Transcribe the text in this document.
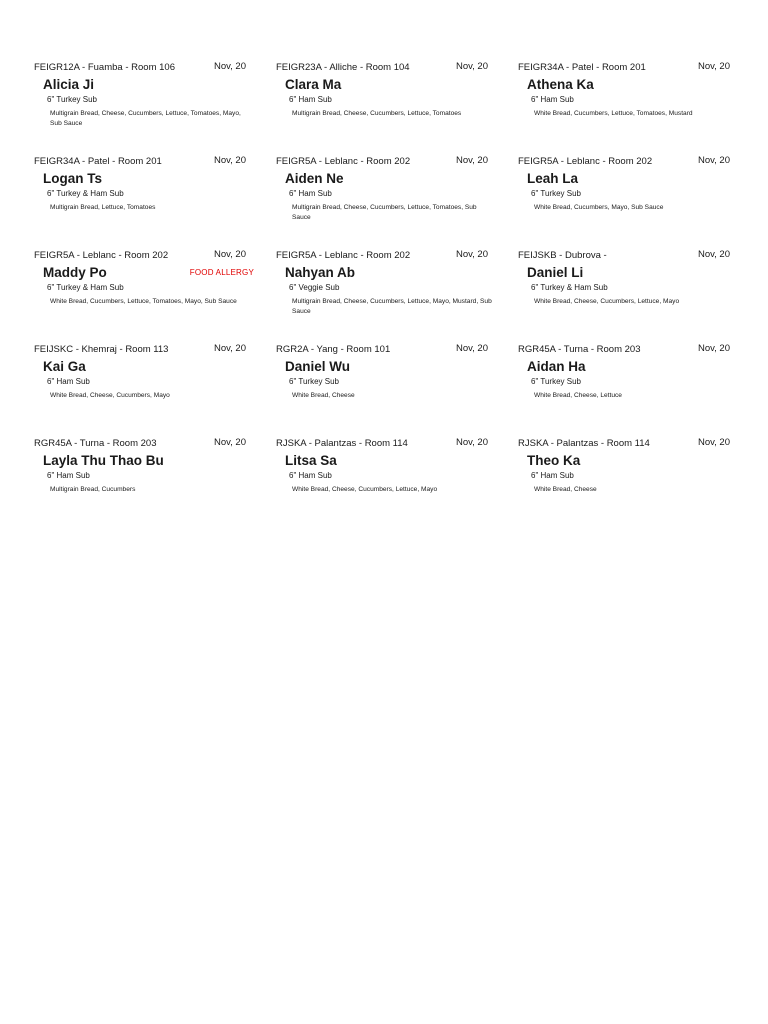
FEIGR12A - Fuamba - Room 106	Nov, 20
Alicia Ji
6" Turkey Sub
Multigrain Bread, Cheese, Cucumbers, Lettuce, Tomatoes, Mayo, Sub Sauce
FEIGR23A - Alliche - Room 104	Nov, 20
Clara Ma
6" Ham Sub
Multigrain Bread, Cheese, Cucumbers, Lettuce, Tomatoes
FEIGR34A - Patel - Room 201	Nov, 20
Athena Ka
6" Ham Sub
White Bread, Cucumbers, Lettuce, Tomatoes, Mustard
FEIGR34A - Patel - Room 201	Nov, 20
Logan Ts
6" Turkey & Ham Sub
Multigrain Bread, Lettuce, Tomatoes
FEIGR5A - Leblanc - Room 202	Nov, 20
Aiden Ne
6" Ham Sub
Multigrain Bread, Cheese, Cucumbers, Lettuce, Tomatoes, Sub Sauce
FEIGR5A - Leblanc - Room 202	Nov, 20
Leah La
6" Turkey Sub
White Bread, Cucumbers, Mayo, Sub Sauce
FEIGR5A - Leblanc - Room 202	Nov, 20
Maddy Po	FOOD ALLERGY
6" Turkey & Ham Sub
White Bread, Cucumbers, Lettuce, Tomatoes, Mayo, Sub Sauce
FEIGR5A - Leblanc - Room 202	Nov, 20
Nahyan Ab
6" Veggie Sub
Multigrain Bread, Cheese, Cucumbers, Lettuce, Mayo, Mustard, Sub Sauce
FEIJSKB - Dubrova -	Nov, 20
Daniel Li
6" Turkey & Ham Sub
White Bread, Cheese, Cucumbers, Lettuce, Mayo
FEIJSKC - Khemraj - Room 113	Nov, 20
Kai Ga
6" Ham Sub
White Bread, Cheese, Cucumbers, Mayo
RGR2A - Yang - Room 101	Nov, 20
Daniel Wu
6" Turkey Sub
White Bread, Cheese
RGR45A - Turna - Room 203	Nov, 20
Aidan Ha
6" Turkey Sub
White Bread, Cheese, Lettuce
RGR45A - Turna - Room 203	Nov, 20
Layla Thu Thao Bu
6" Ham Sub
Multigrain Bread, Cucumbers
RJSKA - Palantzas - Room 114	Nov, 20
Litsa Sa
6" Ham Sub
White Bread, Cheese, Cucumbers, Lettuce, Mayo
RJSKA - Palantzas - Room 114	Nov, 20
Theo Ka
6" Ham Sub
White Bread, Cheese
